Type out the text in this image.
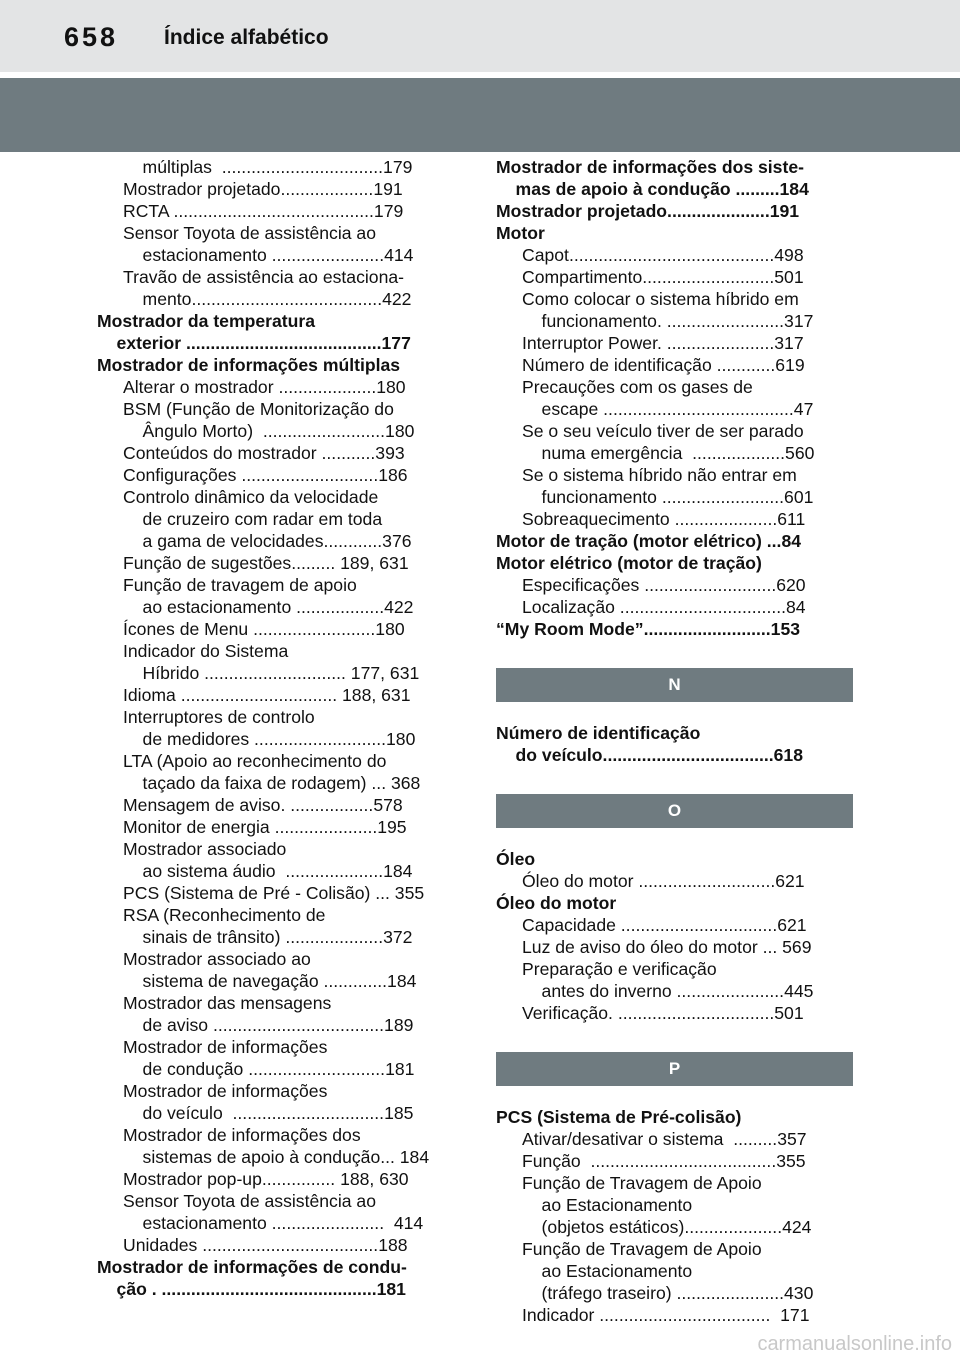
658 Índice alfabético
múltiplas  .................................179
Mostrador projetado...................191
RCTA .........................................179
Sensor Toyota de assistência ao
estacionamento .......................414
Travão de assistência ao estaciona-
mento.......................................422
Mostrador da temperatura
exterior ........................................177
Mostrador de informações múltiplas
Alterar o mostrador ....................180
BSM (Função de Monitorização do
Ângulo Morto)  .........................180
Conteúdos do mostrador ...........393
Configurações ............................186
Controlo dinâmico da velocidade
de cruzeiro com radar em toda
a gama de velocidades............376
Função de sugestões......... 189, 631
Função de travagem de apoio
ao estacionamento ..................422
Ícones de Menu .........................180
Indicador do Sistema
Híbrido ............................. 177, 631
Idioma ................................ 188, 631
Interruptores de controlo
de medidores ...........................180
LTA (Apoio ao reconhecimento do
taçado da faixa de rodagem) ... 368
Mensagem de aviso. .................578
Monitor de energia .....................195
Mostrador associado
ao sistema áudio  ....................184
PCS (Sistema de Pré - Colisão) ... 355
RSA (Reconhecimento de
sinais de trânsito) ....................372
Mostrador associado ao
sistema de navegação .............184
Mostrador das mensagens
de aviso ...................................189
Mostrador de informações
de condução ............................181
Mostrador de informações
do veículo  ...............................185
Mostrador de informações dos
sistemas de apoio à condução... 184
Mostrador pop-up............... 188, 630
Sensor Toyota de assistência ao
estacionamento .......................  414
Unidades ....................................188
Mostrador de informações de condu-
ção . ............................................181
Mostrador de informações dos siste-
mas de apoio à condução .........184
Mostrador projetado.....................191
Motor
Capot..........................................498
Compartimento...........................501
Como colocar o sistema híbrido em
funcionamento. ........................317
Interruptor Power. ......................317
Número de identificação ............619
Precauções com os gases de
escape .......................................47
Se o seu veículo tiver de ser parado
numa emergência  ...................560
Se o sistema híbrido não entrar em
funcionamento .........................601
Sobreaquecimento .....................611
Motor de tração (motor elétrico) ...84
Motor elétrico (motor de tração)
Especificações ...........................620
Localização ..................................84
“My Room Mode”..........................153
N
Número de identificação
do veículo...................................618
O
Óleo
Óleo do motor ............................621
Óleo do motor
Capacidade ................................621
Luz de aviso do óleo do motor ... 569
Preparação e verificação
antes do inverno ......................445
Verificação. ................................501
P
PCS (Sistema de Pré-colisão)
Ativar/desativar o sistema  .........357
Função  ......................................355
Função de Travagem de Apoio
ao Estacionamento
(objetos estáticos)....................424
Função de Travagem de Apoio
ao Estacionamento
(tráfego traseiro) ......................430
Indicador ...................................  171
carmanualsonline.info
